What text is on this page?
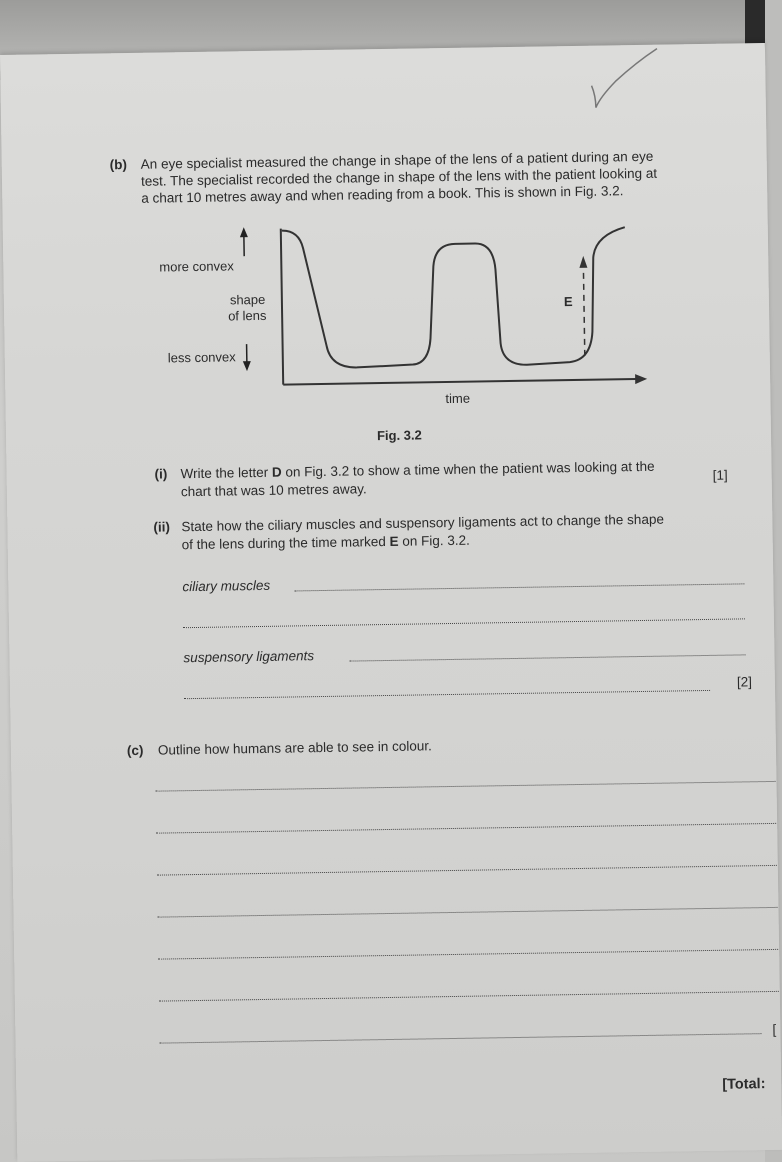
(b) An eye specialist measured the change in shape of the lens of a patient during an eye
test. The specialist recorded the change in shape of the lens with the patient looking at
a chart 10 metres away and when reading from a book. This is shown in Fig. 3.2.
more convex
shape
of lens
less convex
E
time
Fig. 3.2
(i) Write the letter D on Fig. 3.2 to show a time when the patient was looking at the
chart that was 10 metres away.
[1]
(ii) State how the ciliary muscles and suspensory ligaments act to change the shape
of the lens during the time marked E on Fig. 3.2.
ciliary muscles
suspensory ligaments
[2]
(c) Outline how humans are able to see in colour.
[
[Total:
